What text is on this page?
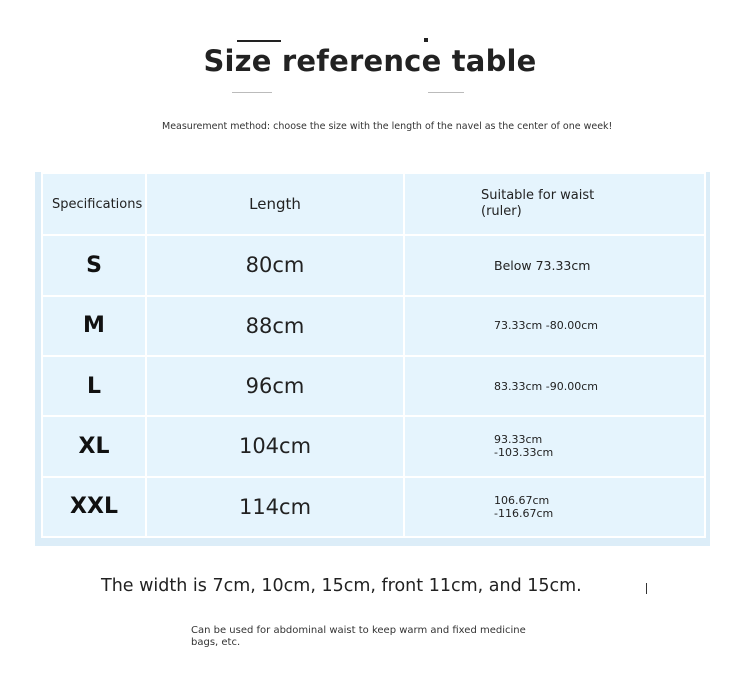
Size reference table

Measurement method: choose the size with the length of the navel as the center of one week!

Specifications	Length	Suitable for waist
(ruler)
S	80cm	Below 73.33cm
M	88cm	73.33cm -80.00cm
L	96cm	83.33cm -90.00cm
XL	104cm	93.33cm
-103.33cm
XXL	114cm	106.67cm
-116.67cm

The width is 7cm, 10cm, 15cm, front 11cm, and 15cm.

Can be used for abdominal waist to keep warm and fixed medicine bags, etc.
